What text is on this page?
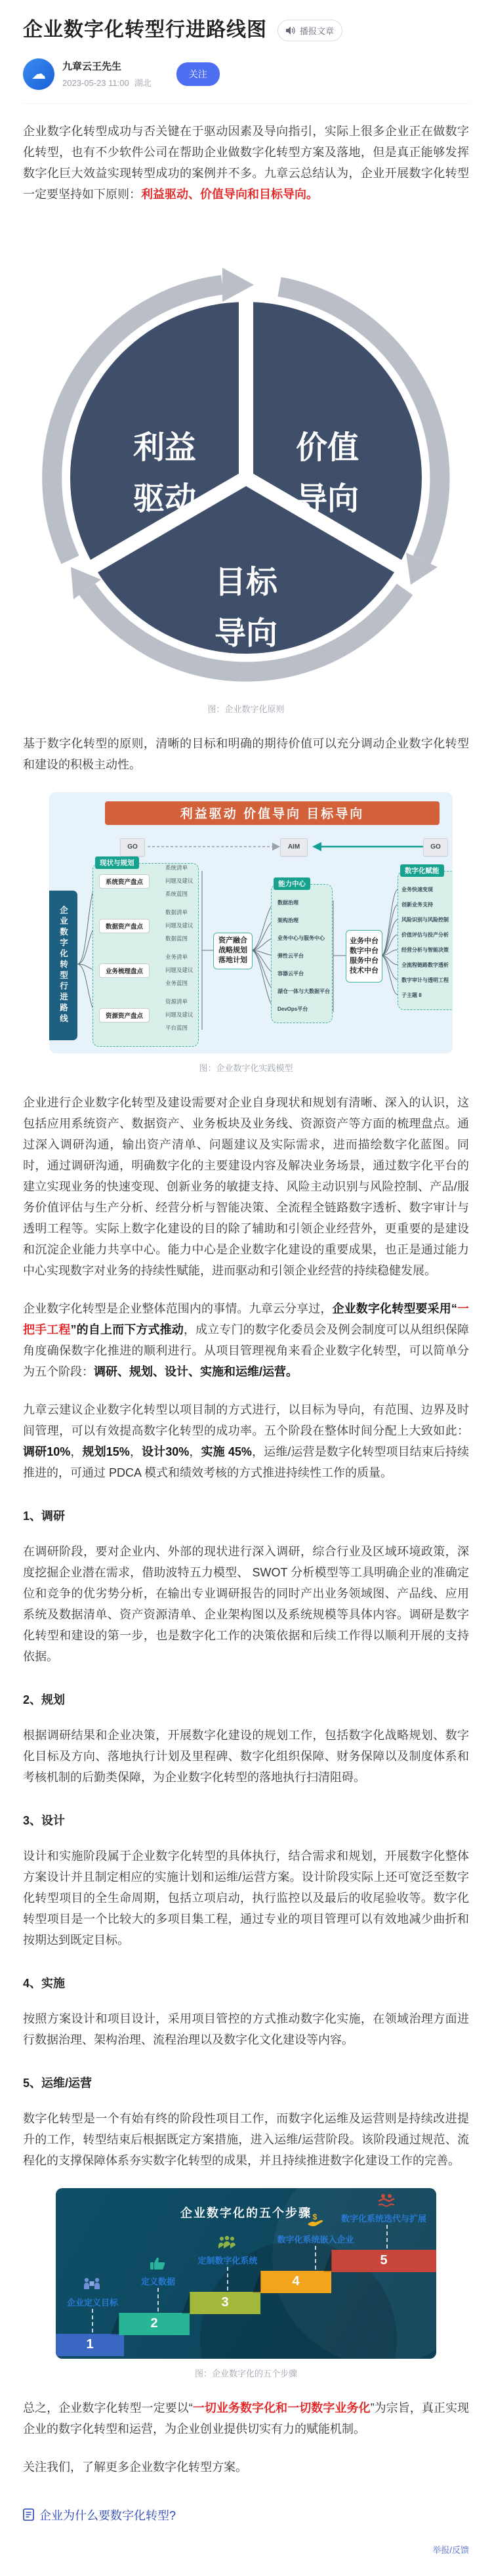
企业数字化转型行进路线图	播报文章
☁	九章云王先生
2023-05-23 11:00 湖北
关注

企业数字化转型成功与否关键在于驱动因素及导向指引，实际上很多企业正在做数字化转型，也有不少软件公司在帮助企业做数字化转型方案及落地，但是真正能够发挥数字化巨大效益实现转型成功的案例并不多。九章云总结认为，企业开展数字化转型一定要坚持如下原则：利益驱动、价值导向和目标导向。

利益
驱动
价值
导向
目标
导向
图：企业数字化原则

基于数字化转型的原则，清晰的目标和明确的期待价值可以充分调动企业数字化转型和建设的积极主动性。

利益驱动 价值导向 目标导向
GO	AIM	GO
企业数字化转型行进路线
现状与规划
系统资产盘点
数据资产盘点
业务梳理盘点
资源资产盘点
系统清单
问题及建议
系统蓝图
数据清单
问题及建议
数据蓝图
业务清单
问题及建议
业务蓝图
资源清单
问题及建议
平台蓝图
资产融合
战略规划
落地计划
能力中心
数据治理
架构治理
业务中心与服务中心
弹性云平台
容器云平台
湖仓一体与大数据平台
DevOps平台
业务中台
数字中台
服务中台
技术中台
数字化赋能
业务快速变现
创新业务支持
风险识别与风险控制
价值评估与投产分析
经营分析与智能决策
全流程链路数字透析
数字审计与透明工程
子主题 8
图：企业数字化实践模型

企业进行企业数字化转型及建设需要对企业自身现状和规划有清晰、深入的认识，这包括应用系统资产、数据资产、业务板块及业务线、资源资产等方面的梳理盘点。通过深入调研沟通，输出资产清单、问题建议及实际需求，进而描绘数字化蓝图。同时，通过调研沟通，明确数字化的主要建设内容及解决业务场景，通过数字化平台的建立实现业务的快速变现、创新业务的敏捷支持、风险主动识别与风险控制、产品/服务价值评估与生产分析、经营分析与智能决策、全流程全链路数字透析、数字审计与透明工程等。实际上数字化建设的目的除了辅助和引领企业经营外，更重要的是建设和沉淀企业能力共享中心。能力中心是企业数字化建设的重要成果，也正是通过能力中心实现数字对业务的持续性赋能，进而驱动和引领企业经营的持续稳健发展。

企业数字化转型是企业整体范围内的事情。九章云分享过，企业数字化转型要采用“一把手工程”的自上而下方式推动，成立专门的数字化委员会及例会制度可以从组织保障角度确保数字化推进的顺利进行。从项目管理视角来看企业数字化转型，可以简单分为五个阶段：调研、规划、设计、实施和运维/运营。

九章云建议企业数字化转型以项目制的方式进行，以目标为导向，有范围、边界及时间管理，可以有效提高数字化转型的成功率。五个阶段在整体时间分配上大致如此：调研10%，规划15%，设计30%，实施 45%，运维/运营是数字化转型项目结束后持续推进的，可通过 PDCA 模式和绩效考核的方式推进持续性工作的质量。

1、调研

在调研阶段，要对企业内、外部的现状进行深入调研，综合行业及区域环境政策，深度挖掘企业潜在需求，借助波特五力模型、 SWOT 分析模型等工具明确企业的准确定位和竞争的优劣势分析，在输出专业调研报告的同时产出业务领域图、产品线、应用系统及数据清单、资产资源清单、企业架构图以及系统规模等具体内容。调研是数字化转型和建设的第一步，也是数字化工作的决策依据和后续工作得以顺利开展的支持依据。

2、规划

根据调研结果和企业决策，开展数字化建设的规划工作，包括数字化战略规划、数字化目标及方向、落地执行计划及里程碑、数字化组织保障、财务保障以及制度体系和考核机制的后勤类保障，为企业数字化转型的落地执行扫清阻碍。

3、设计

设计和实施阶段属于企业数字化转型的具体执行，结合需求和规划，开展数字化整体方案设计并且制定相应的实施计划和运维/运营方案。设计阶段实际上还可宽泛至数字化转型项目的全生命周期，包括立项启动，执行监控以及最后的收尾验收等。数字化转型项目是一个比较大的多项目集工程，通过专业的项目管理可以有效地减少曲折和按期达到既定目标。

4、实施

按照方案设计和项目设计，采用项目管控的方式推动数字化实施，在领域治理方面进行数据治理、架构治理、流程治理以及数字化文化建设等内容。

5、运维/运营

数字化转型是一个有始有终的阶段性项目工作，而数字化运维及运营则是持续改进提升的工作，转型结束后根据既定方案措施，进入运维/运营阶段。该阶段通过规范、流程化的支撑保障体系夯实数字化转型的成果，并且持续推进数字化建设工作的完善。

企业数字化的五个步骤
1
2
3
4
5
企业定义目标
定义数据
定制数字化系统
数字化系统嵌入企业
数字化系统迭代与扩展
$
图：企业数字化的五个步骤

总之，企业数字化转型一定要以“一切业务数字化和一切数字业务化”为宗旨，真正实现企业的数字化转型和运营，为企业创业提供切实有力的赋能机制。

关注我们，了解更多企业数字化转型方案。

企业为什么要数字化转型?
举报/反馈
